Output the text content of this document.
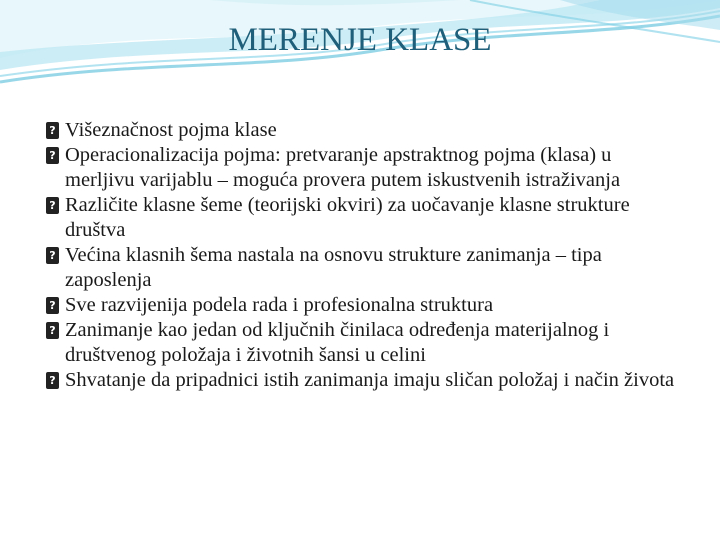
MERENJE KLASE
? Višeznačnost pojma klase
? Operacionalizacija pojma: pretvaranje apstraktnog pojma (klasa) u merljivu varijablu – moguća provera putem iskustvenih istraživanja
? Različite klasne šeme (teorijski okviri) za uočavanje klasne strukture društva
? Većina klasnih šema nastala na osnovu strukture zanimanja – tipa zaposlenja
? Sve razvijenija podela rada i profesionalna struktura
? Zanimanje kao jedan od ključnih činilaca određenja materijalnog i društvenog položaja i životnih šansi u celini
? Shvatanje da pripadnici istih zanimanja imaju sličan položaj i način života
